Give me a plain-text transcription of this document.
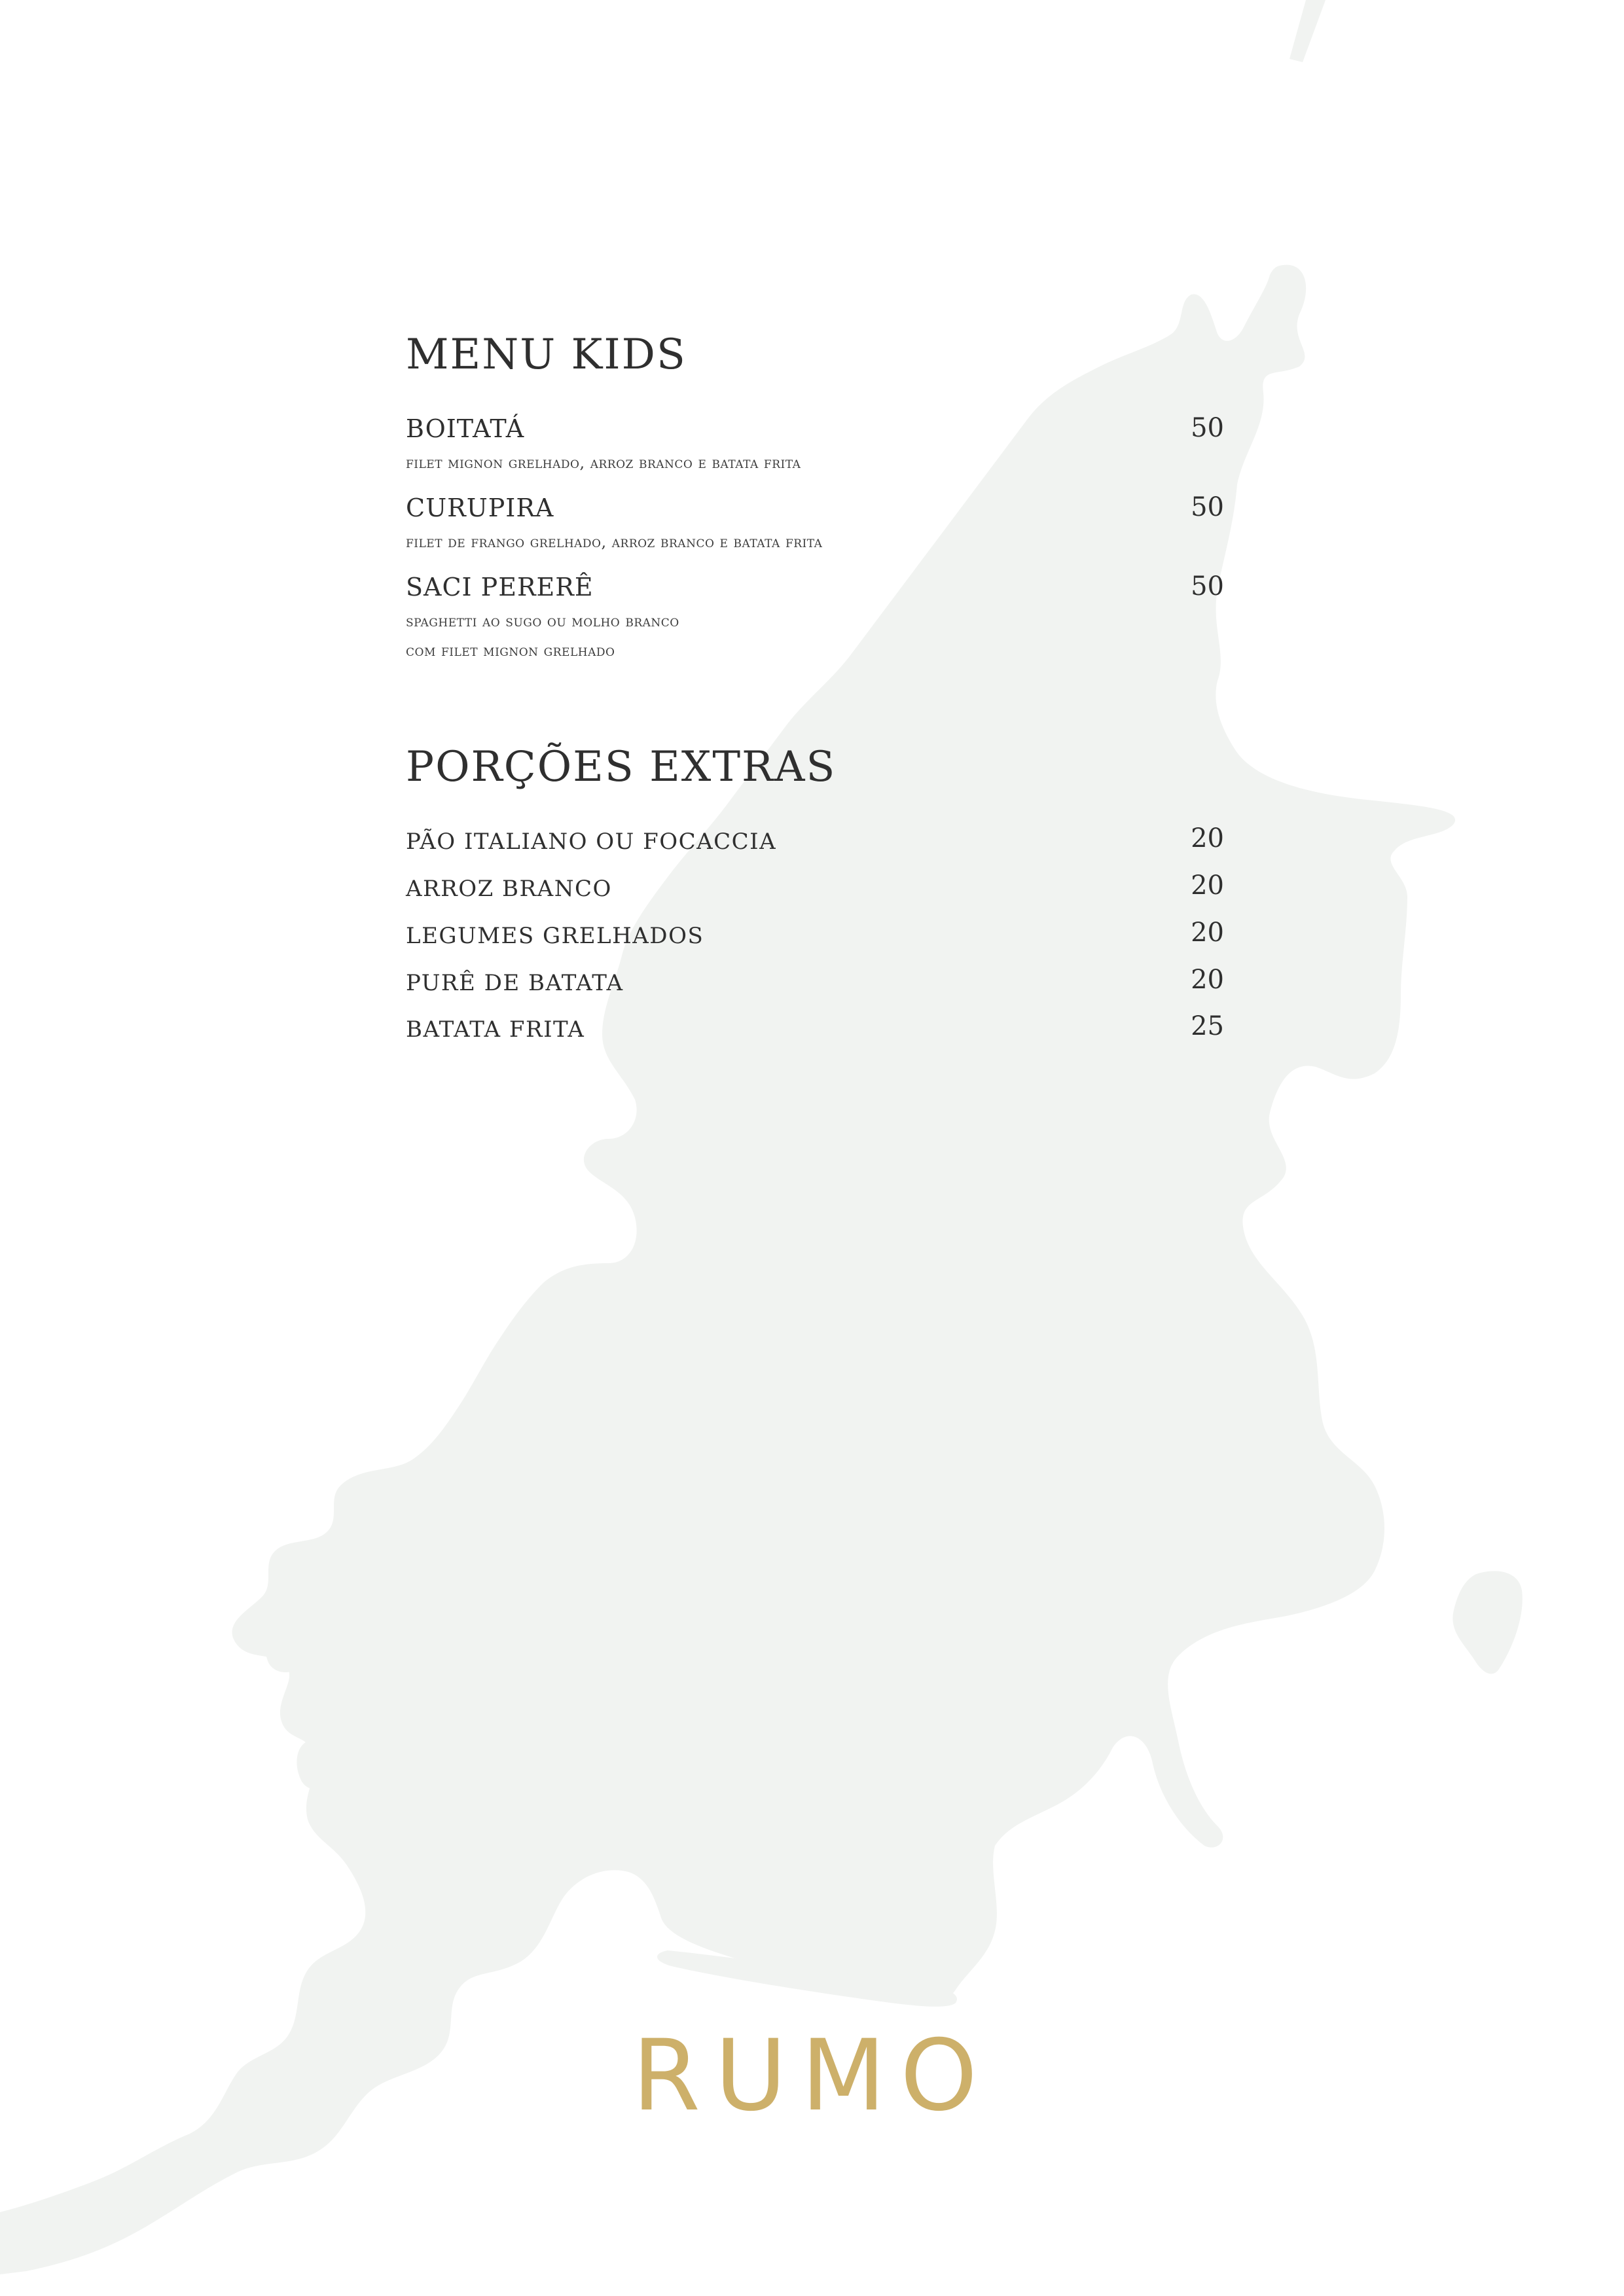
MENU KIDS
BOITATÁ	50
filet mignon grelhado, arroz branco e batata frita
CURUPIRA	50
filet de frango grelhado, arroz branco e batata frita
SACI PERERÊ	50
spaghetti ao sugo ou molho branco
com filet mignon grelhado
PORÇÕES EXTRAS
PÃO ITALIANO OU FOCACCIA	20
ARROZ BRANCO	20
LEGUMES GRELHADOS	20
PURÊ DE BATATA	20
BATATA FRITA	25
RUMO
